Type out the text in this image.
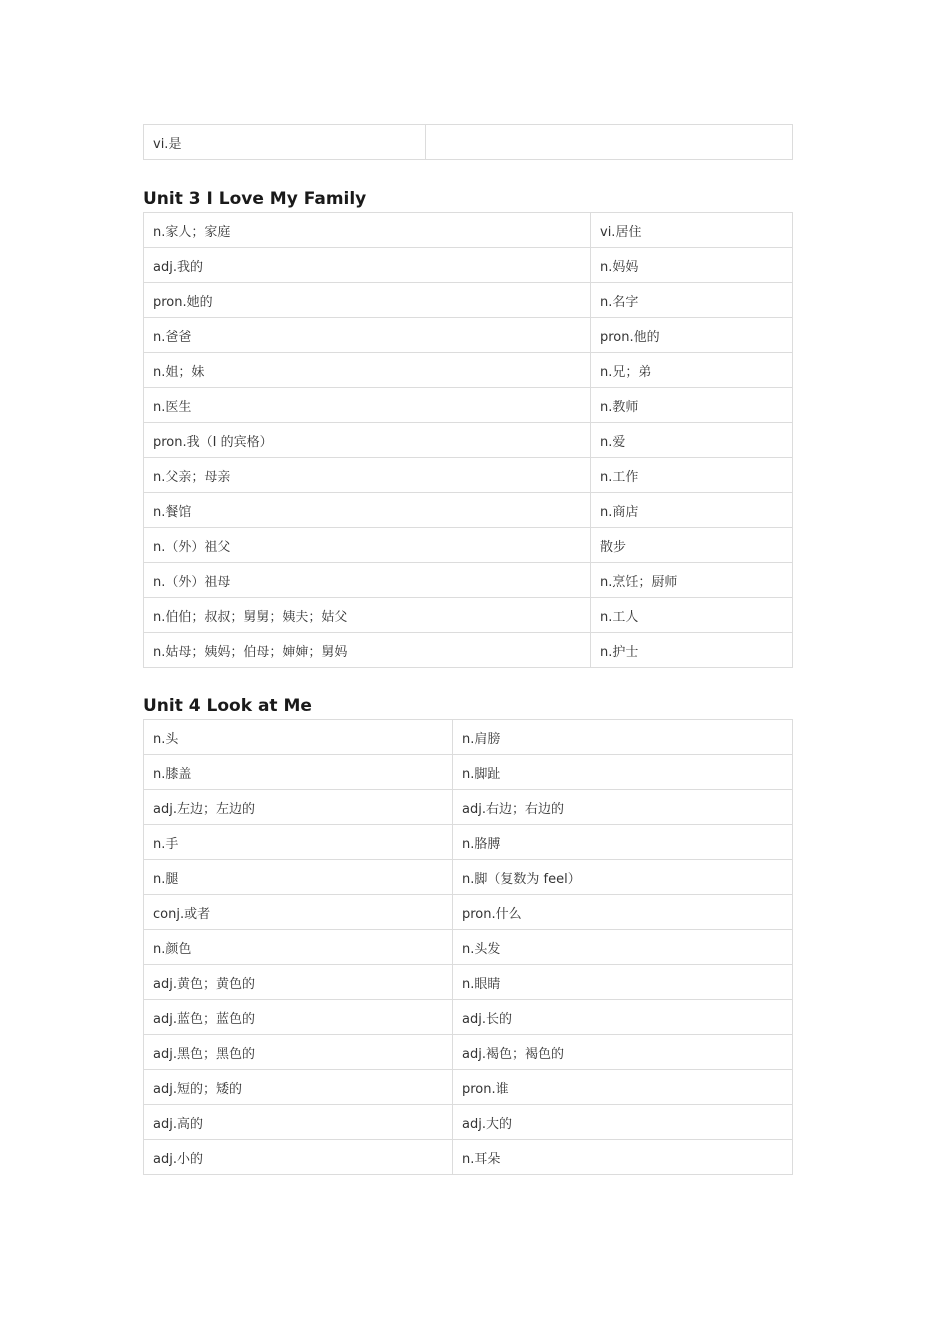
vi.是	
Unit 3 I Love My Family
n.家人；家庭	vi.居住
adj.我的	n.妈妈
pron.她的	n.名字
n.爸爸	pron.他的
n.姐；妹	n.兄；弟
n.医生	n.教师
pron.我（I 的宾格）	n.爱
n.父亲；母亲	n.工作
n.餐馆	n.商店
n.（外）祖父	散步
n.（外）祖母	n.烹饪；厨师
n.伯伯；叔叔；舅舅；姨夫；姑父	n.工人
n.姑母；姨妈；伯母；婶婶；舅妈	n.护士
Unit 4 Look at Me
n.头	n.肩膀
n.膝盖	n.脚趾
adj.左边；左边的	adj.右边；右边的
n.手	n.胳膊
n.腿	n.脚（复数为 feel）
conj.或者	pron.什么
n.颜色	n.头发
adj.黄色；黄色的	n.眼睛
adj.蓝色；蓝色的	adj.长的
adj.黑色；黑色的	adj.褐色；褐色的
adj.短的；矮的	pron.谁
adj.高的	adj.大的
adj.小的	n.耳朵
